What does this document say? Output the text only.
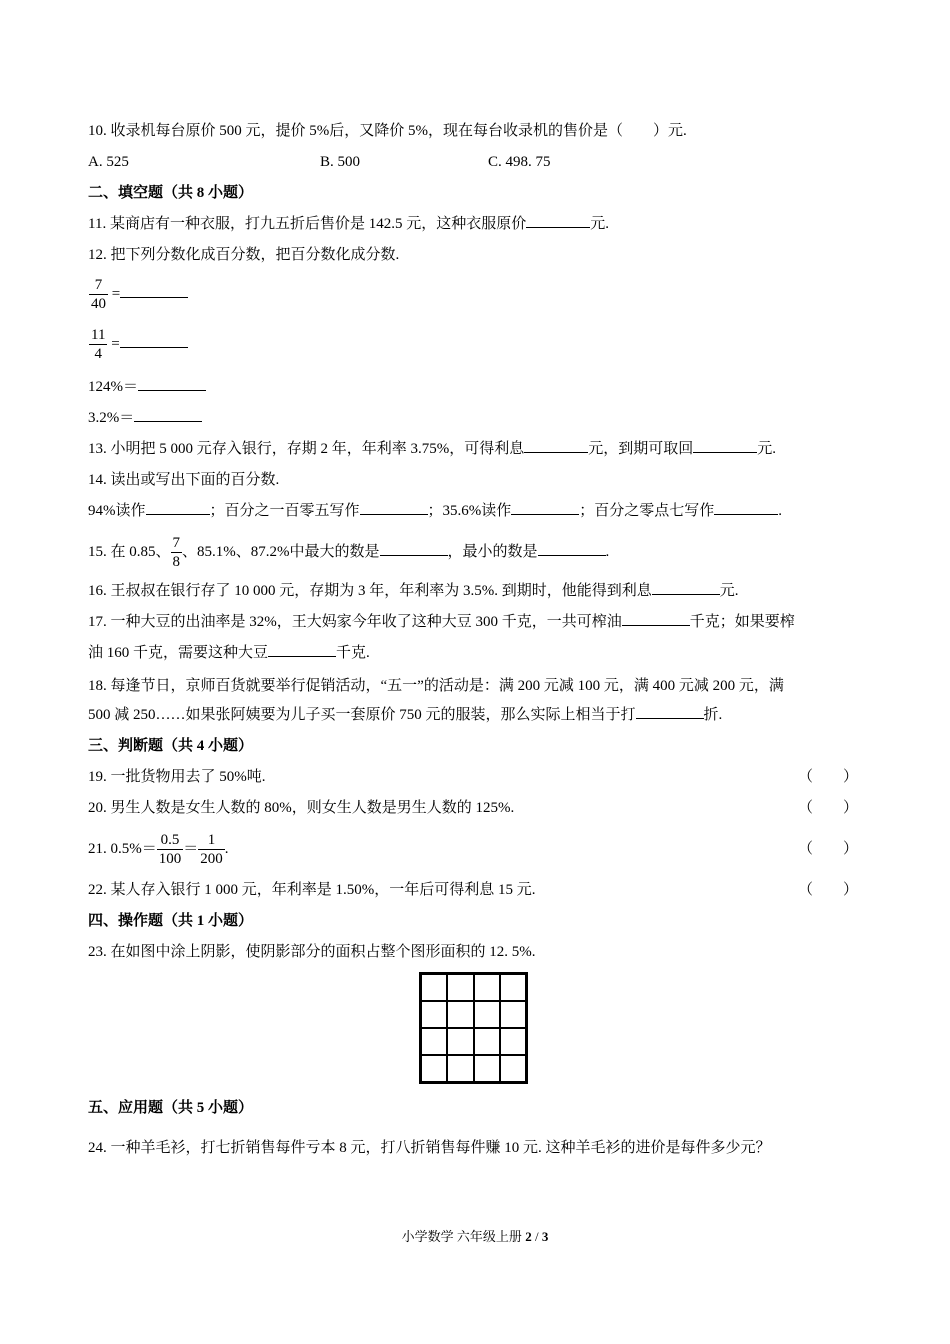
10. 收录机每台原价 500 元，提价 5%后，又降价 5%，现在每台收录机的售价是（　　）元.
A. 525	B. 500	C. 498. 75
二、填空题（共 8 小题）
11. 某商店有一种衣服，打九五折后售价是 142.5 元，这种衣服原价	元.
12. 把下列分数化成百分数，把百分数化成分数.
$\frac{7}{40}$ =
$\frac{11}{4}$ =
124%＝
3.2%＝
13. 小明把 5 000 元存入银行，存期 2 年，年利率 3.75%，可得利息	元，到期可取回	元.
14. 读出或写出下面的百分数.
94%读作	；百分之一百零五写作	；35.6%读作	；百分之零点七写作	.
15. 在 0.85、 $\frac{7}{8}$ 、85.1%、87.2%中最大的数是	，最小的数是	.
16. 王叔叔在银行存了 10 000 元，存期为 3 年，年利率为 3.5%. 到期时，他能得到利息	元.
17. 一种大豆的出油率是 32%，王大妈家今年收了这种大豆 300 千克，一共可榨油	千克；如果要榨
油 160 千克，需要这种大豆	千克.
18. 每逢节日，京师百货就要举行促销活动，“五一”的活动是：满 200 元减 100 元，满 400 元减 200 元，满
500 减 250……如果张阿姨要为儿子买一套原价 750 元的服装，那么实际上相当于打	折.
三、判断题（共 4 小题）
19. 一批货物用去了 50%吨.	（　　）
20. 男生人数是女生人数的 80%，则女生人数是男生人数的 125%.	（　　）
21. $0.5\%= \frac{0.5}{100} = \frac{1}{200}$ .	（　　）
22. 某人存入银行 1 000 元，年利率是 1.50%，一年后可得利息 15 元.	（　　）
四、操作题（共 1 小题）
23. 在如图中涂上阴影，使阴影部分的面积占整个图形面积的 12. 5%.
五、应用题（共 5 小题）
24. 一种羊毛衫，打七折销售每件亏本 8 元，打八折销售每件赚 10 元. 这种羊毛衫的进价是每件多少元？
小学数学 六年级上册 2 / 3
